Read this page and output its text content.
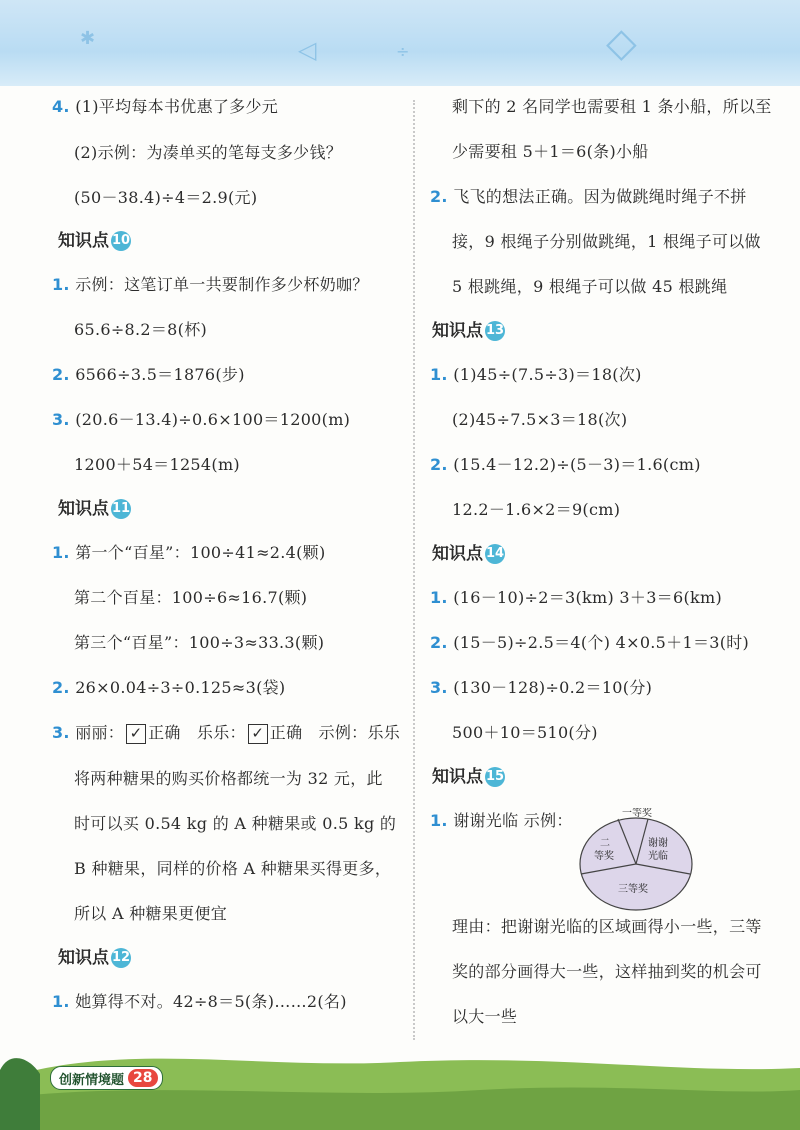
✱	◁	◇
÷
4. (1)平均每本书优惠了多少元
(2)示例：为凑单买的笔每支多少钱？
(50－38.4)÷4＝2.9(元)
知识点 10
1. 示例：这笔订单一共要制作多少杯奶咖？
65.6÷8.2＝8(杯)
2. 6566÷3.5＝1876(步)
3. (20.6－13.4)÷0.6×100＝1200(m)
1200＋54＝1254(m)
知识点 11
1. 第一个“百星”：100÷41≈2.4(颗)
第二个百星：100÷6≈16.7(颗)
第三个“百星”：100÷3≈33.3(颗)
2. 26×0.04÷3÷0.125≈3(袋)
3. 丽丽： ✓ 正确 乐乐： ✓ 正确 示例：乐乐
将两种糖果的购买价格都统一为 32 元，此
时可以买 0.54 kg 的 A 种糖果或 0.5 kg 的
B 种糖果，同样的价格 A 种糖果买得更多，
所以 A 种糖果更便宜
知识点 12
1. 她算得不对。42÷8＝5(条)……2(名)
剩下的 2 名同学也需要租 1 条小船，所以至
少需要租 5＋1＝6(条)小船
2. 飞飞的想法正确。因为做跳绳时绳子不拼
接，9 根绳子分别做跳绳，1 根绳子可以做
5 根跳绳，9 根绳子可以做 45 根跳绳
知识点 13
1. (1)45÷(7.5÷3)＝18(次)
(2)45÷7.5×3＝18(次)
2. (15.4－12.2)÷(5－3)＝1.6(cm)
12.2－1.6×2＝9(cm)
知识点 14
1. (16－10)÷2＝3(km) 3＋3＝6(km)
2. (15－5)÷2.5＝4(个) 4×0.5＋1＝3(时)
3. (130－128)÷0.2＝10(分)
500＋10＝510(分)
知识点 15
1. 谢谢光临 示例：
理由：把谢谢光临的区域画得小一些，三等
奖的部分画得大一些，这样抽到奖的机会可
以大一些
一等奖
二
等奖
谢谢
光临
三等奖
创新情境题 28
